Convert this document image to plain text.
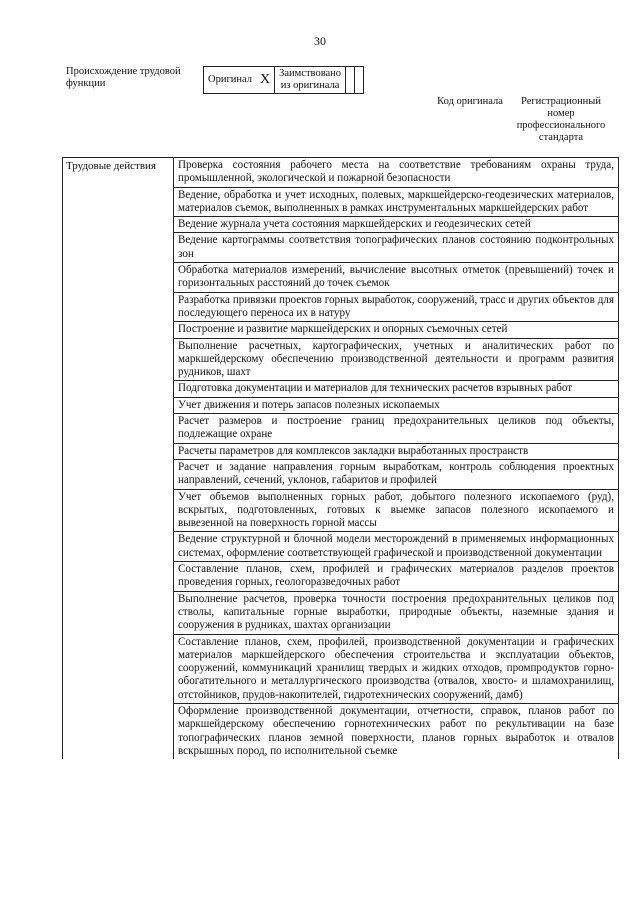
30
Происхождение трудовой функции	Оригинал	X	Заимствовано из оригинала		
Код оригинала	Регистрационный номер профессионального стандарта
Трудовые действия	Проверка состояния рабочего места на соответствие требованиям охраны труда, промышленной, экологической и пожарной безопасности
Ведение, обработка и учет исходных, полевых, маркшейдерско-геодезических материалов, материалов съемок, выполненных в рамках инструментальных маркшейдерских работ
Ведение журнала учета состояния маркшейдерских и геодезических сетей
Ведение картограммы соответствия топографических планов состоянию подконтрольных зон
Обработка материалов измерений, вычисление высотных отметок (превышений) точек и горизонтальных расстояний до точек съемок
Разработка привязки проектов горных выработок, сооружений, трасс и других объектов для последующего переноса их в натуру
Построение и развитие маркшейдерских и опорных съемочных сетей
Выполнение расчетных, картографических, учетных и аналитических работ по маркшейдерскому обеспечению производственной деятельности и программ развития рудников, шахт
Подготовка документации и материалов для технических расчетов взрывных работ
Учет движения и потерь запасов полезных ископаемых
Расчет размеров и построение границ предохранительных целиков под объекты, подлежащие охране
Расчеты параметров для комплексов закладки выработанных пространств
Расчет и задание направления горным выработкам, контроль соблюдения проектных направлений, сечений, уклонов, габаритов и профилей
Учет объемов выполненных горных работ, добытого полезного ископаемого (руд), вскрытых, подготовленных, готовых к выемке запасов полезного ископаемого и вывезенной на поверхность горной массы
Ведение структурной и блочной модели месторождений в применяемых информационных системах, оформление соответствующей графической и производственной документации
Составление планов, схем, профилей и графических материалов разделов проектов проведения горных, геологоразведочных работ
Выполнение расчетов, проверка точности построения предохранительных целиков под стволы, капитальные горные выработки, природные объекты, наземные здания и сооружения в рудниках, шахтах организации
Составление планов, схем, профилей, производственной документации и графических материалов маркшейдерского обеспечения строительства и эксплуатации объектов, сооружений, коммуникаций хранилищ твердых и жидких отходов, промпродуктов горно-обогатительного и металлургического производства (отвалов, хвосто- и шламохранилищ, отстойников, прудов-накопителей, гидротехнических сооружений, дамб)
Оформление производственной документации, отчетности, справок, планов работ по маркшейдерскому обеспечению горнотехнических работ по рекультивации на базе топографических планов земной поверхности, планов горных выработок и отвалов вскрышных пород, по исполнительной съемке
